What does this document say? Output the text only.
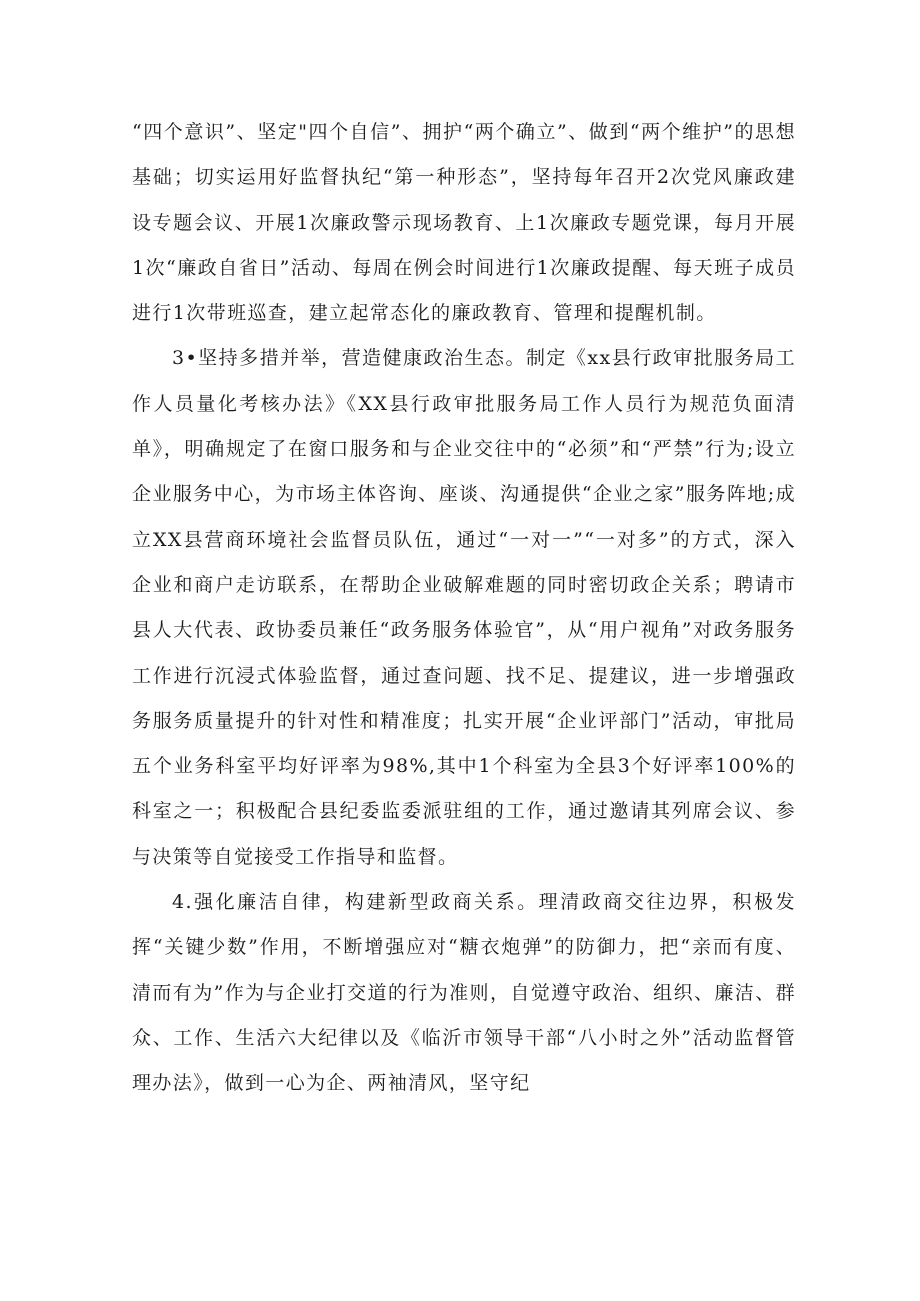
“四个意识”、坚定"四个自信”、拥护“两个确立”、做到“两个维护”的思想基础；切实运用好监督执纪“第一种形态”，坚持每年召开2次党风廉政建设专题会议、开展1次廉政警示现场教育、上1次廉政专题党课，每月开展1次“廉政自省日”活动、每周在例会时间进行1次廉政提醒、每天班子成员进行1次带班巡查，建立起常态化的廉政教育、管理和提醒机制。

3•坚持多措并举，营造健康政治生态。制定《xx县行政审批服务局工作人员量化考核办法》《XX县行政审批服务局工作人员行为规范负面清单》，明确规定了在窗口服务和与企业交往中的“必须”和“严禁”行为;设立企业服务中心，为市场主体咨询、座谈、沟通提供“企业之家”服务阵地;成立XX县营商环境社会监督员队伍，通过“一对一”“一对多”的方式，深入企业和商户走访联系，在帮助企业破解难题的同时密切政企关系；聘请市县人大代表、政协委员兼任“政务服务体验官”，从“用户视角”对政务服务工作进行沉浸式体验监督，通过查问题、找不足、提建议，进一步增强政务服务质量提升的针对性和精准度；扎实开展“企业评部门”活动，审批局五个业务科室平均好评率为98%,其中1个科室为全县3个好评率100%的科室之一；积极配合县纪委监委派驻组的工作，通过邀请其列席会议、参与决策等自觉接受工作指导和监督。

4.强化廉洁自律，构建新型政商关系。理清政商交往边界，积极发挥“关键少数”作用，不断增强应对“糖衣炮弹”的防御力，把“亲而有度、清而有为”作为与企业打交道的行为准则，自觉遵守政治、组织、廉洁、群众、工作、生活六大纪律以及《临沂市领导干部“八小时之外”活动监督管理办法》，做到一心为企、两袖清风，坚守纪
